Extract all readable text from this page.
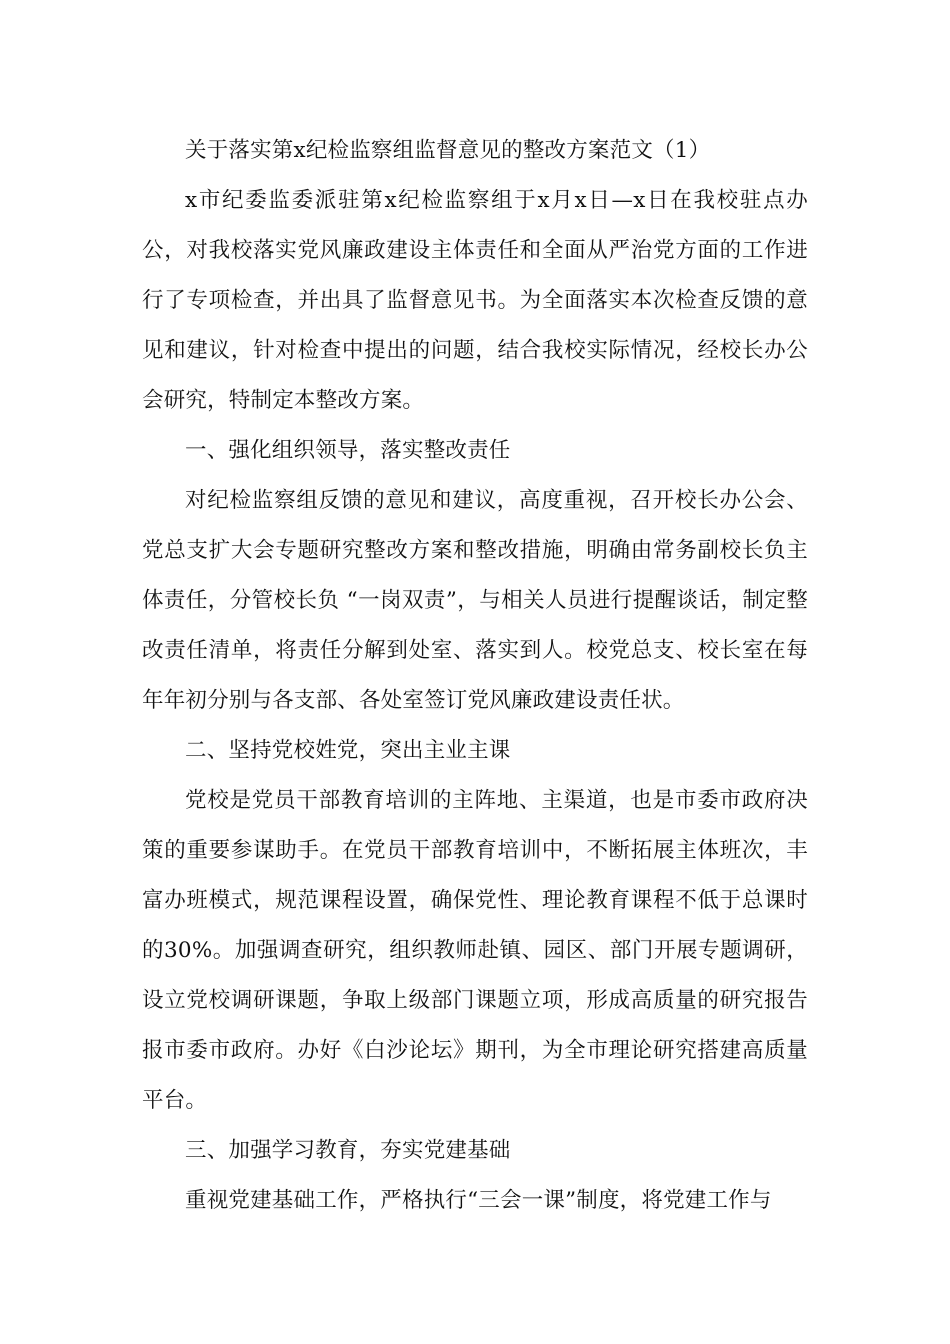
关于落实第x纪检监察组监督意见的整改方案范文（1）

x市纪委监委派驻第x纪检监察组于x月x日—x日在我校驻点办公，对我校落实党风廉政建设主体责任和全面从严治党方面的工作进行了专项检查，并出具了监督意见书。为全面落实本次检查反馈的意见和建议，针对检查中提出的问题，结合我校实际情况，经校长办公会研究，特制定本整改方案。

一、强化组织领导，落实整改责任

对纪检监察组反馈的意见和建议，高度重视，召开校长办公会、党总支扩大会专题研究整改方案和整改措施，明确由常务副校长负主体责任，分管校长负 “一岗双责”，与相关人员进行提醒谈话，制定整改责任清单，将责任分解到处室、落实到人。校党总支、校长室在每年年初分别与各支部、各处室签订党风廉政建设责任状。

二、坚持党校姓党，突出主业主课

党校是党员干部教育培训的主阵地、主渠道，也是市委市政府决策的重要参谋助手。在党员干部教育培训中，不断拓展主体班次，丰富办班模式，规范课程设置，确保党性、理论教育课程不低于总课时的30%。加强调查研究，组织教师赴镇、园区、部门开展专题调研，设立党校调研课题，争取上级部门课题立项，形成高质量的研究报告报市委市政府。办好《白沙论坛》期刊，为全市理论研究搭建高质量平台。

三、加强学习教育，夯实党建基础

重视党建基础工作，严格执行“三会一课”制度，将党建工作与
